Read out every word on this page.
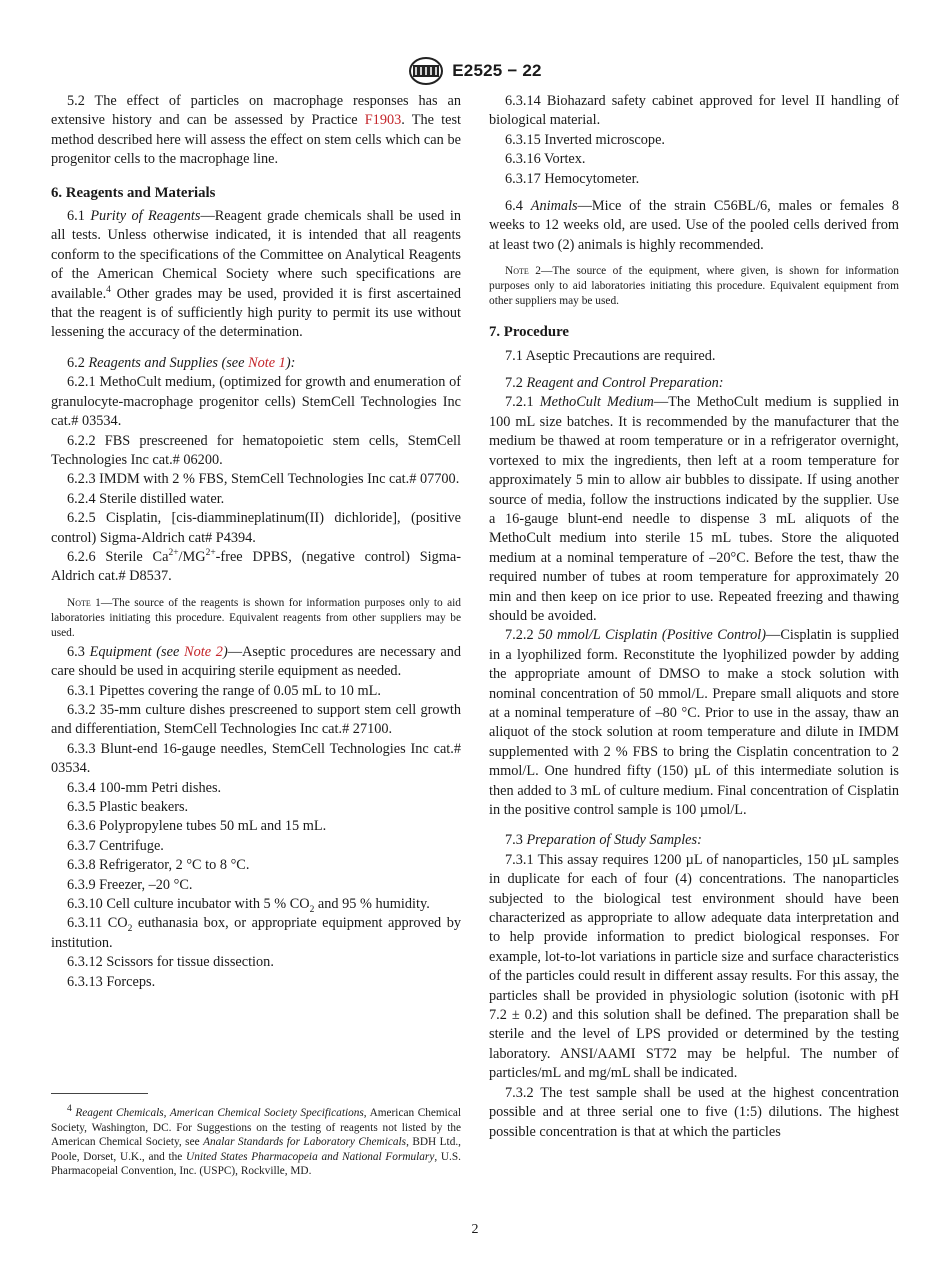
E2525 − 22

5.2 The effect of particles on macrophage responses has an extensive history and can be assessed by Practice F1903. The test method described here will assess the effect on stem cells which can be progenitor cells to the macrophage line.

6. Reagents and Materials

6.1 Purity of Reagents—Reagent grade chemicals shall be used in all tests. Unless otherwise indicated, it is intended that all reagents conform to the specifications of the Committee on Analytical Reagents of the American Chemical Society where such specifications are available.$^4$ Other grades may be used, provided it is first ascertained that the reagent is of sufficiently high purity to permit its use without lessening the accuracy of the determination.

6.2 Reagents and Supplies (see Note 1):

6.2.1 MethoCult medium, (optimized for growth and enumeration of granulocyte-macrophage progenitor cells) StemCell Technologies Inc cat.# 03534.

6.2.2 FBS prescreened for hematopoietic stem cells, StemCell Technologies Inc cat.# 06200.

6.2.3 IMDM with 2 % FBS, StemCell Technologies Inc cat.# 07700.

6.2.4 Sterile distilled water.

6.2.5 Cisplatin, [cis-diammineplatinum(II) dichloride], (positive control) Sigma-Aldrich cat# P4394.

6.2.6 Sterile $Ca^{2+}/MG^{2+}$-free DPBS, (negative control) Sigma-Aldrich cat.# D8537.

Note 1—The source of the reagents is shown for information purposes only to aid laboratories initiating this procedure. Equivalent reagents from other suppliers may be used.

6.3 Equipment (see Note 2)—Aseptic procedures are necessary and care should be used in acquiring sterile equipment as needed.

6.3.1 Pipettes covering the range of 0.05 mL to 10 mL.

6.3.2 35-mm culture dishes prescreened to support stem cell growth and differentiation, StemCell Technologies Inc cat.# 27100.

6.3.3 Blunt-end 16-gauge needles, StemCell Technologies Inc cat.# 03534.

6.3.4 100-mm Petri dishes.

6.3.5 Plastic beakers.

6.3.6 Polypropylene tubes 50 mL and 15 mL.

6.3.7 Centrifuge.

6.3.8 Refrigerator, 2 °C to 8 °C.

6.3.9 Freezer, –20 °C.

6.3.10 Cell culture incubator with 5 % $CO_2$ and 95 % humidity.

6.3.11 $CO_2$ euthanasia box, or appropriate equipment approved by institution.

6.3.12 Scissors for tissue dissection.

6.3.13 Forceps.

$^4$ Reagent Chemicals, American Chemical Society Specifications, American Chemical Society, Washington, DC. For Suggestions on the testing of reagents not listed by the American Chemical Society, see Analar Standards for Laboratory Chemicals, BDH Ltd., Poole, Dorset, U.K., and the United States Pharmacopeia and National Formulary, U.S. Pharmacopeial Convention, Inc. (USPC), Rockville, MD.

6.3.14 Biohazard safety cabinet approved for level II handling of biological material.

6.3.15 Inverted microscope.

6.3.16 Vortex.

6.3.17 Hemocytometer.

6.4 Animals—Mice of the strain C56BL/6, males or females 8 weeks to 12 weeks old, are used. Use of the pooled cells derived from at least two (2) animals is highly recommended.

Note 2—The source of the equipment, where given, is shown for information purposes only to aid laboratories initiating this procedure. Equivalent equipment from other suppliers may be used.

7. Procedure

7.1 Aseptic Precautions are required.

7.2 Reagent and Control Preparation:

7.2.1 MethoCult Medium—The MethoCult medium is supplied in 100 mL size batches. It is recommended by the manufacturer that the medium be thawed at room temperature or in a refrigerator overnight, vortexed to mix the ingredients, then left at a room temperature for approximately 5 min to allow air bubbles to dissipate. If using another source of media, follow the instructions indicated by the supplier. Use a 16-gauge blunt-end needle to dispense 3 mL aliquots of the MethoCult medium into sterile 15 mL tubes. Store the aliquoted medium at a nominal temperature of –20°C. Before the test, thaw the required number of tubes at room temperature for approximately 20 min and then keep on ice prior to use. Repeated freezing and thawing should be avoided.

7.2.2 50 mmol/L Cisplatin (Positive Control)—Cisplatin is supplied in a lyophilized form. Reconstitute the lyophilized powder by adding the appropriate amount of DMSO to make a stock solution with nominal concentration of 50 mmol/L. Prepare small aliquots and store at a nominal temperature of –80 °C. Prior to use in the assay, thaw an aliquot of the stock solution at room temperature and dilute in IMDM supplemented with 2 % FBS to bring the Cisplatin concentration to 2 mmol/L. One hundred fifty (150) µL of this intermediate solution is then added to 3 mL of culture medium. Final concentration of Cisplatin in the positive control sample is 100 µmol/L.

7.3 Preparation of Study Samples:

7.3.1 This assay requires 1200 µL of nanoparticles, 150 µL samples in duplicate for each of four (4) concentrations. The nanoparticles subjected to the biological test environment should have been characterized as appropriate to allow adequate data interpretation and to help provide information to predict biological responses. For example, lot-to-lot variations in particle size and surface characteristics of the particles could result in different assay results. For this assay, the particles shall be provided in physiologic solution (isotonic with pH 7.2 ± 0.2) and this solution shall be defined. The preparation shall be sterile and the level of LPS provided or determined by the testing laboratory. ANSI/AAMI ST72 may be helpful. The number of particles/mL and mg/mL shall be indicated.

7.3.2 The test sample shall be used at the highest concentration possible and at three serial one to five (1:5) dilutions. The highest possible concentration is that at which the particles

2
